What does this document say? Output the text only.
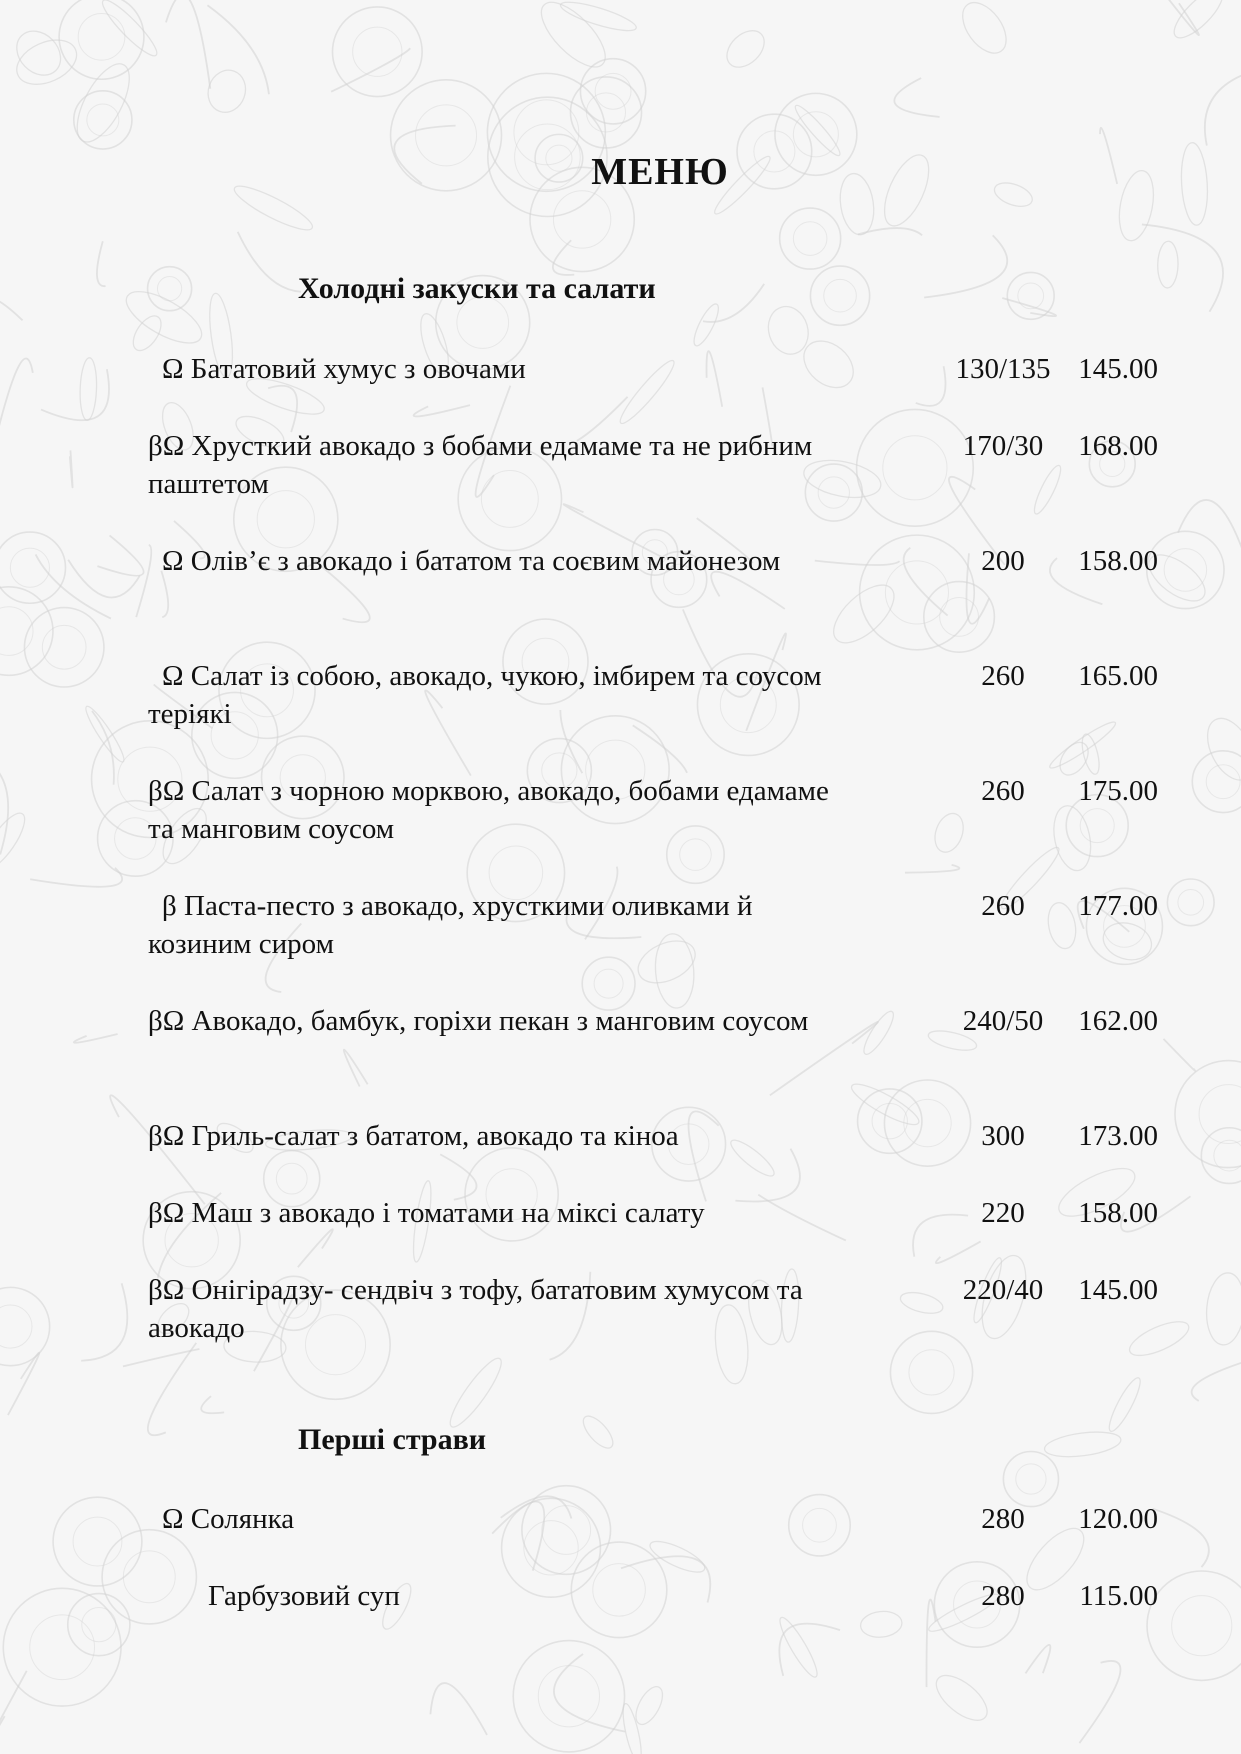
МЕНЮ
Холодні закуски та салати
Ω Бататовий хумус з овочами	130/135 145.00
βΩ Хрусткий авокадо з бобами едамаме та не рибним паштетом
170/30	168.00
Ω Олів’є з авокадо і бататом та соєвим майонезом	200	158.00
Ω Салат із собою, авокадо, чукою, імбирем та соусом теріякі
260	165.00
βΩ Салат з чорною морквою, авокадо, бобами едамаме та манговим соусом
260	175.00
β Паста-песто з авокадо, хрусткими оливками й козиним сиром
260	177.00
βΩ Авокадо, бамбук, горіхи пекан з манговим соусом	240/50	162.00
βΩ Гриль-салат з бататом, авокадо та кіноа	300	173.00
βΩ Маш з авокадо і томатами на міксі салату	220	158.00
βΩ Онігірадзу- сендвіч з тофу, бататовим хумусом та авокадо
220/40	145.00
Перші страви
Ω Солянка	280	120.00
Гарбузовий суп	280	115.00
